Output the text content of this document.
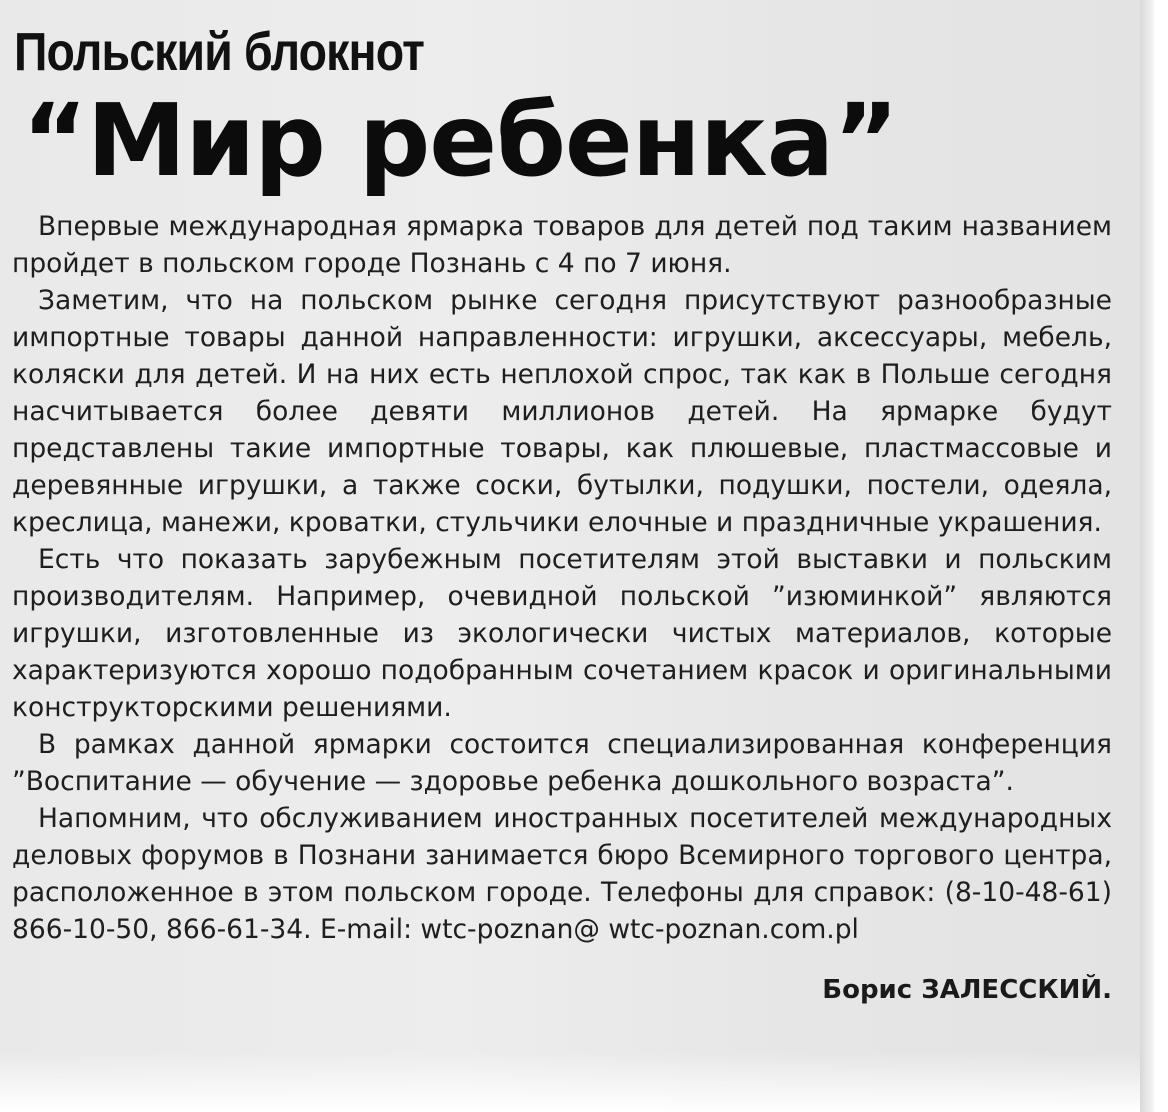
Польский блокнот
“Мир ребенка”

Впервые международная ярмарка товаров для детей под таким названием пройдет в польском городе Познань с 4 по 7 июня.

Заметим, что на польском рынке сегодня присутствуют разнообразные импортные товары данной направленности: игрушки, аксессуары, мебель, коляски для детей. И на них есть неплохой спрос, так как в Польше сегодня насчитывается более девяти миллионов детей. На ярмарке будут представлены такие импортные товары, как плюшевые, пластмассовые и деревянные игрушки, а также соски, бутылки, подушки, постели, одеяла, креслица, манежи, кроватки, стульчики елочные и праздничные украшения.

Есть что показать зарубежным посетителям этой выставки и польским производителям. Например, очевидной польской ”изюминкой” являются игрушки, изготовленные из экологически чистых материалов, которые характеризуются хорошо подобранным сочетанием красок и оригинальными конструкторскими решениями.

В рамках данной ярмарки состоится специализированная конференция ”Воспитание — обучение — здоровье ребенка дошкольного возраста”.

Напомним, что обслуживанием иностранных посетителей международных деловых форумов в Познани занимается бюро Всемирного торгового центра, расположенное в этом польском городе. Телефоны для справок: (8-10-48-61) 866-10-50, 866-61-34. E-mail: wtc-poznan@ wtc-poznan.com.pl

Борис ЗАЛЕССКИЙ.
